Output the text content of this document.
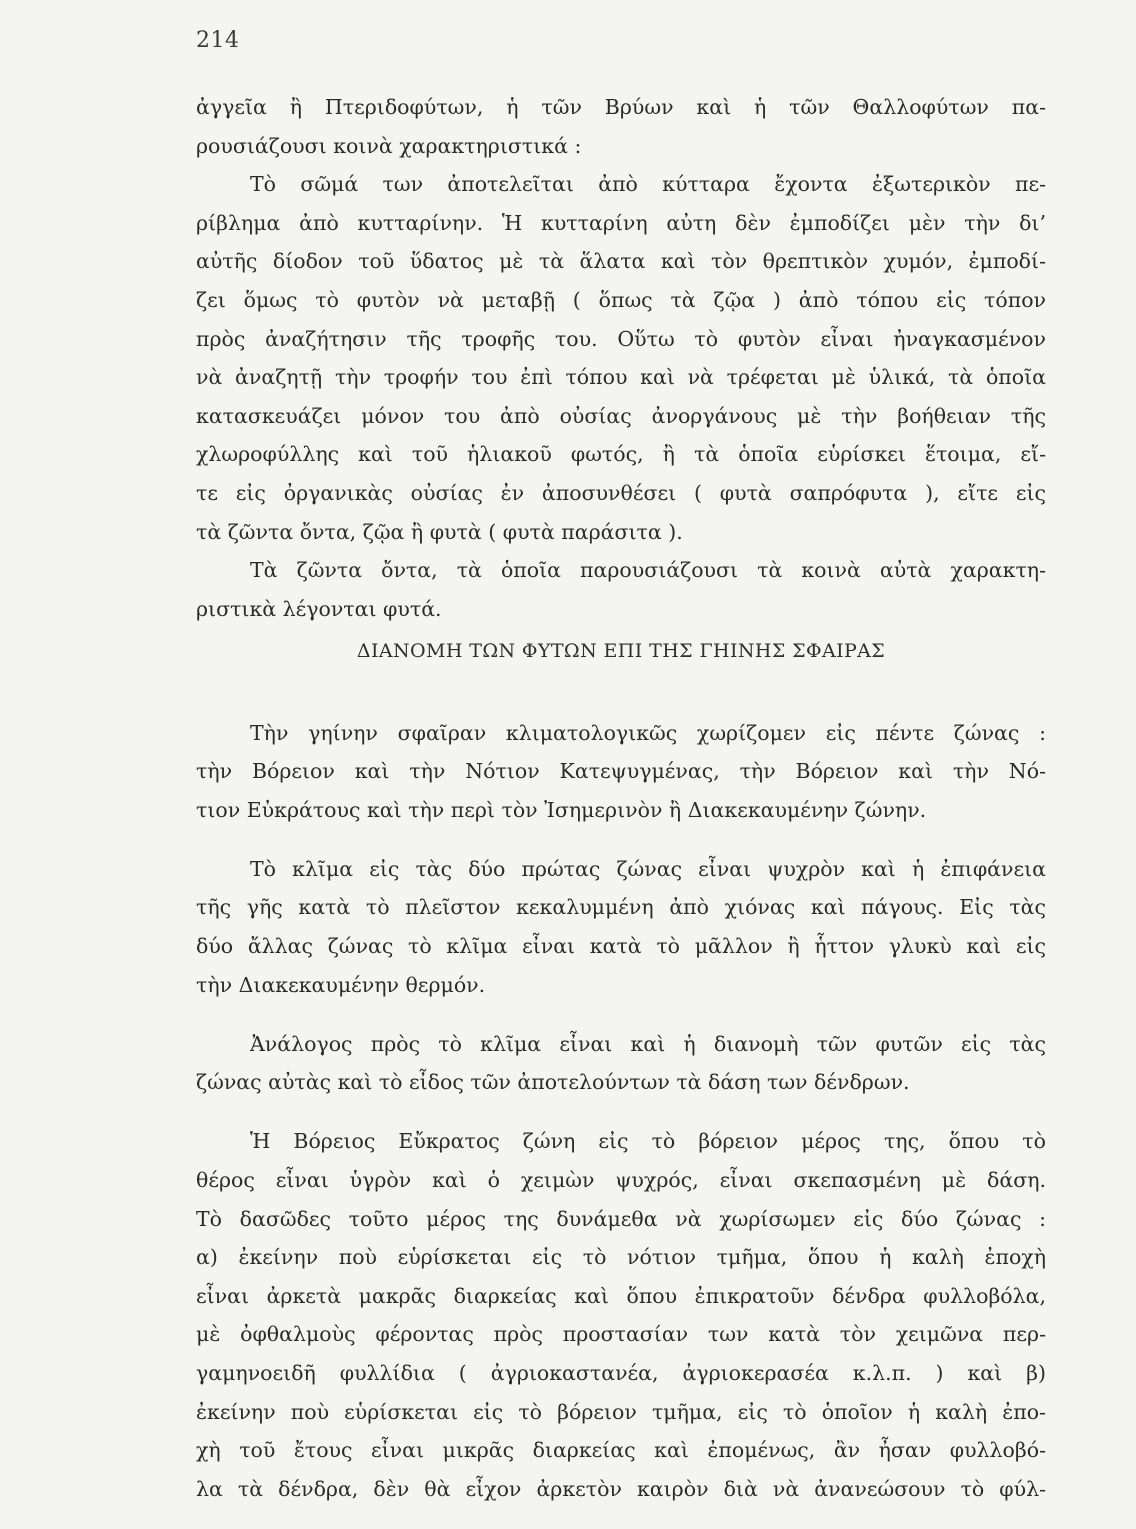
214

ἀγγεῖα ἢ Πτεριδοφύτων, ἡ τῶν Βρύων καὶ ἡ τῶν Θαλλοφύτων πα-
ρουσιάζουσι κοινὰ χαρακτηριστικά :

Τὸ σῶμά των ἀποτελεῖται ἀπὸ κύτταρα ἔχοντα ἐξωτερικὸν πε-
ρίβλημα ἀπὸ κυτταρίνην. Ἡ κυτταρίνη αὐτη δὲν ἐμποδίζει μὲν τὴν δι’
αὐτῆς δίοδον τοῦ ὕδατος μὲ τὰ ἅλατα καὶ τὸν θρεπτικὸν χυμόν, ἐμποδί-
ζει ὅμως τὸ φυτὸν νὰ μεταβῇ ( ὅπως τὰ ζῷα ) ἀπὸ τόπου εἰς τόπον
πρὸς ἀναζήτησιν τῆς τροφῆς του. Οὕτω τὸ φυτὸν εἶναι ἠναγκασμένον
νὰ ἀναζητῇ τὴν τροφήν του ἐπὶ τόπου καὶ νὰ τρέφεται μὲ ὑλικά, τὰ ὁποῖα
κατασκευάζει μόνον του ἀπὸ οὐσίας ἀνοργάνους μὲ τὴν βοήθειαν τῆς
χλωροφύλλης καὶ τοῦ ἡλιακοῦ φωτός, ἢ τὰ ὁποῖα εὑρίσκει ἕτοιμα, εἴ-
τε εἰς ὀργανικὰς οὐσίας ἐν ἀποσυνθέσει ( φυτὰ σαπρόφυτα ), εἴτε εἰς
τὰ ζῶντα ὄντα, ζῷα ἢ φυτὰ ( φυτὰ παράσιτα ).

Τὰ ζῶντα ὄντα, τὰ ὁποῖα παρουσιάζουσι τὰ κοινὰ αὐτὰ χαρακτη-
ριστικὰ λέγονται φυτά.

ΔΙΑΝΟΜΗ ΤΩΝ ΦΥΤΩΝ ΕΠΙ ΤΗΣ ΓΗΙΝΗΣ ΣΦΑΙΡΑΣ

Τὴν γηίνην σφαῖραν κλιματολογικῶς χωρίζομεν εἰς πέντε ζώνας :
τὴν Βόρειον καὶ τὴν Νότιον Κατεψυγμένας, τὴν Βόρειον καὶ τὴν Νό-
τιον Εὐκράτους καὶ τὴν περὶ τὸν Ἰσημερινὸν ἢ Διακεκαυμένην ζώνην.

Τὸ κλῖμα εἰς τὰς δύο πρώτας ζώνας εἶναι ψυχρὸν καὶ ἡ ἐπιφάνεια
τῆς γῆς κατὰ τὸ πλεῖστον κεκαλυμμένη ἀπὸ χιόνας καὶ πάγους. Εἰς τὰς
δύο ἄλλας ζώνας τὸ κλῖμα εἶναι κατὰ τὸ μᾶλλον ἢ ἧττον γλυκὺ καὶ εἰς
τὴν Διακεκαυμένην θερμόν.

Ἀνάλογος πρὸς τὸ κλῖμα εἶναι καὶ ἡ διανομὴ τῶν φυτῶν εἰς τὰς
ζώνας αὐτὰς καὶ τὸ εἶδος τῶν ἀποτελούντων τὰ δάση των δένδρων.

Ἡ Βόρειος Εὔκρατος ζώνη εἰς τὸ βόρειον μέρος της, ὅπου τὸ
θέρος εἶναι ὑγρὸν καὶ ὁ χειμὼν ψυχρός, εἶναι σκεπασμένη μὲ δάση.
Τὸ δασῶδες τοῦτο μέρος της δυνάμεθα νὰ χωρίσωμεν εἰς δύο ζώνας :
α) ἐκείνην ποὺ εὑρίσκεται εἰς τὸ νότιον τμῆμα, ὅπου ἡ καλὴ ἐποχὴ
εἶναι ἀρκετὰ μακρᾶς διαρκείας καὶ ὅπου ἐπικρατοῦν δένδρα φυλλοβόλα,
μὲ ὀφθαλμοὺς φέροντας πρὸς προστασίαν των κατὰ τὸν χειμῶνα περ-
γαμηνοειδῆ φυλλίδια ( ἀγριοκαστανέα, ἀγριοκερασέα κ.λ.π. ) καὶ β)
ἐκείνην ποὺ εὑρίσκεται εἰς τὸ βόρειον τμῆμα, εἰς τὸ ὁποῖον ἡ καλὴ ἐπο-
χὴ τοῦ ἔτους εἶναι μικρᾶς διαρκείας καὶ ἐπομένως, ἂν ἦσαν φυλλοβό-
λα τὰ δένδρα, δὲν θὰ εἶχον ἀρκετὸν καιρὸν διὰ νὰ ἀνανεώσουν τὸ φύλ-
